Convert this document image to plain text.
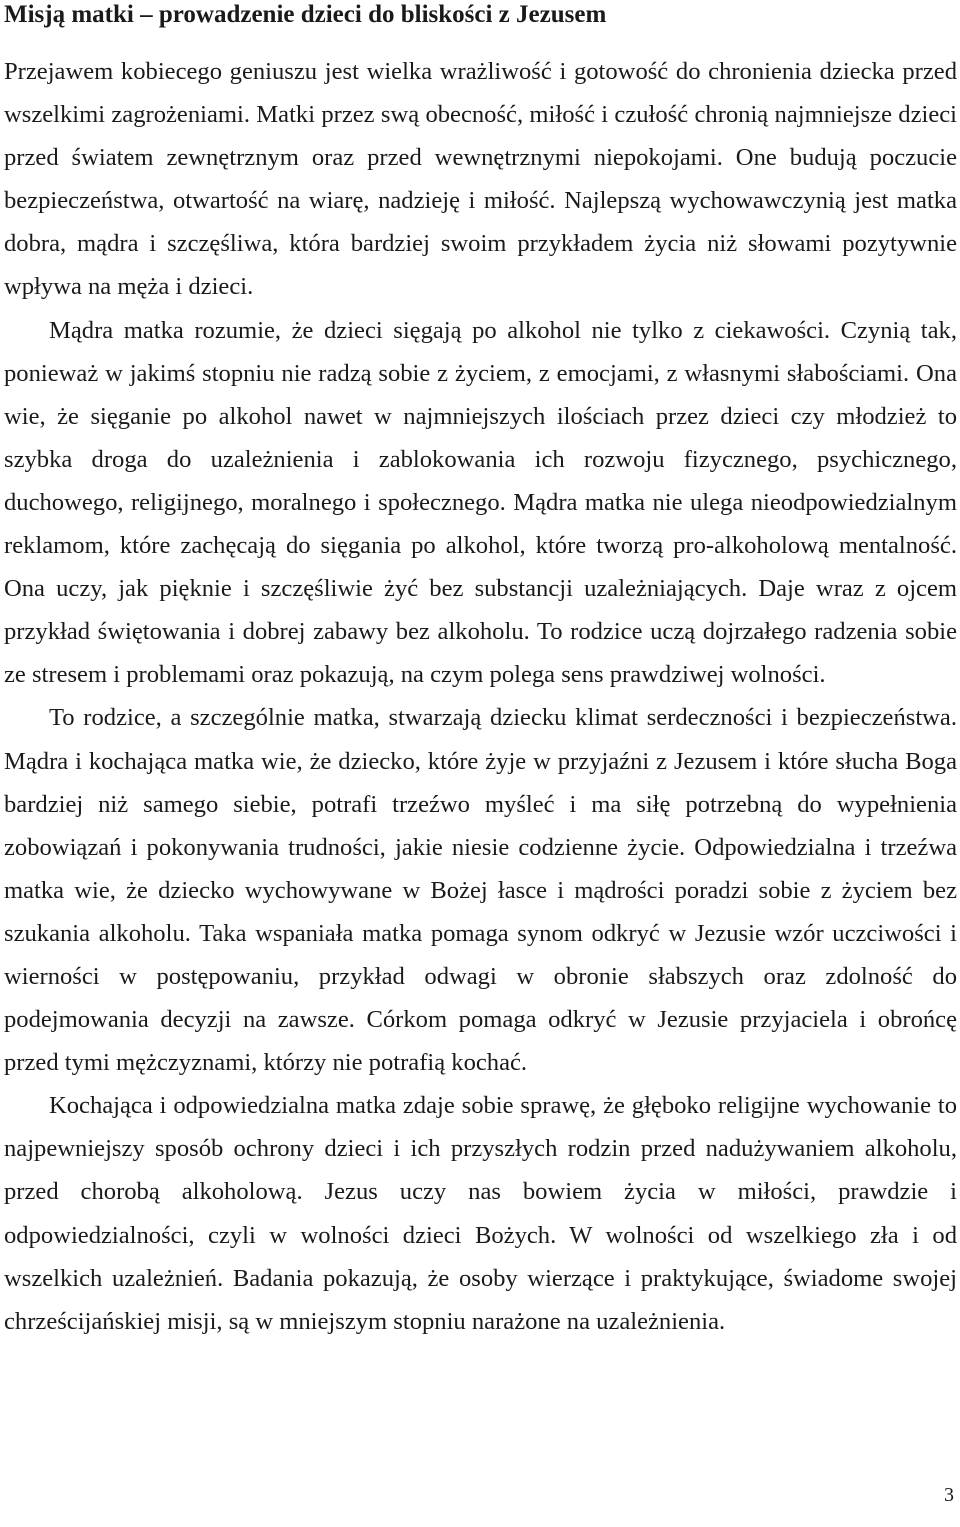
Misją matki – prowadzenie dzieci do bliskości z Jezusem

Przejawem kobiecego geniuszu jest wielka wrażliwość i gotowość do chronienia dziecka przed wszelkimi zagrożeniami. Matki przez swą obecność, miłość i czułość chronią najmniejsze dzieci przed światem zewnętrznym oraz przed wewnętrznymi niepokojami. One budują poczucie bezpieczeństwa, otwartość na wiarę, nadzieję i miłość. Najlepszą wychowawczynią jest matka dobra, mądra i szczęśliwa, która bardziej swoim przykładem życia niż słowami pozytywnie wpływa na męża i dzieci.

Mądra matka rozumie, że dzieci sięgają po alkohol nie tylko z ciekawości. Czynią tak, ponieważ w jakimś stopniu nie radzą sobie z życiem, z emocjami, z własnymi słabościami. Ona wie, że sięganie po alkohol nawet w najmniejszych ilościach przez dzieci czy młodzież to szybka droga do uzależnienia i zablokowania ich rozwoju fizycznego, psychicznego, duchowego, religijnego, moralnego i społecznego. Mądra matka nie ulega nieodpowiedzialnym reklamom, które zachęcają do sięgania po alkohol, które tworzą pro-alkoholową mentalność. Ona uczy, jak pięknie i szczęśliwie żyć bez substancji uzależniających. Daje wraz z ojcem przykład świętowania i dobrej zabawy bez alkoholu. To rodzice uczą dojrzałego radzenia sobie ze stresem i problemami oraz pokazują, na czym polega sens prawdziwej wolności.

To rodzice, a szczególnie matka, stwarzają dziecku klimat serdeczności i bezpieczeństwa. Mądra i kochająca matka wie, że dziecko, które żyje w przyjaźni z Jezusem i które słucha Boga bardziej niż samego siebie, potrafi trzeźwo myśleć i ma siłę potrzebną do wypełnienia zobowiązań i pokonywania trudności, jakie niesie codzienne życie. Odpowiedzialna i trzeźwa matka wie, że dziecko wychowywane w Bożej łasce i mądrości poradzi sobie z życiem bez szukania alkoholu. Taka wspaniała matka pomaga synom odkryć w Jezusie wzór uczciwości i wierności w postępowaniu, przykład odwagi w obronie słabszych oraz zdolność do podejmowania decyzji na zawsze. Córkom pomaga odkryć w Jezusie przyjaciela i obrońcę przed tymi mężczyznami, którzy nie potrafią kochać.

Kochająca i odpowiedzialna matka zdaje sobie sprawę, że głęboko religijne wychowanie to najpewniejszy sposób ochrony dzieci i ich przyszłych rodzin przed nadużywaniem alkoholu, przed chorobą alkoholową. Jezus uczy nas bowiem życia w miłości, prawdzie i odpowiedzialności, czyli w wolności dzieci Bożych. W wolności od wszelkiego zła i od wszelkich uzależnień. Badania pokazują, że osoby wierzące i praktykujące, świadome swojej chrześcijańskiej misji, są w mniejszym stopniu narażone na uzależnienia.

3
